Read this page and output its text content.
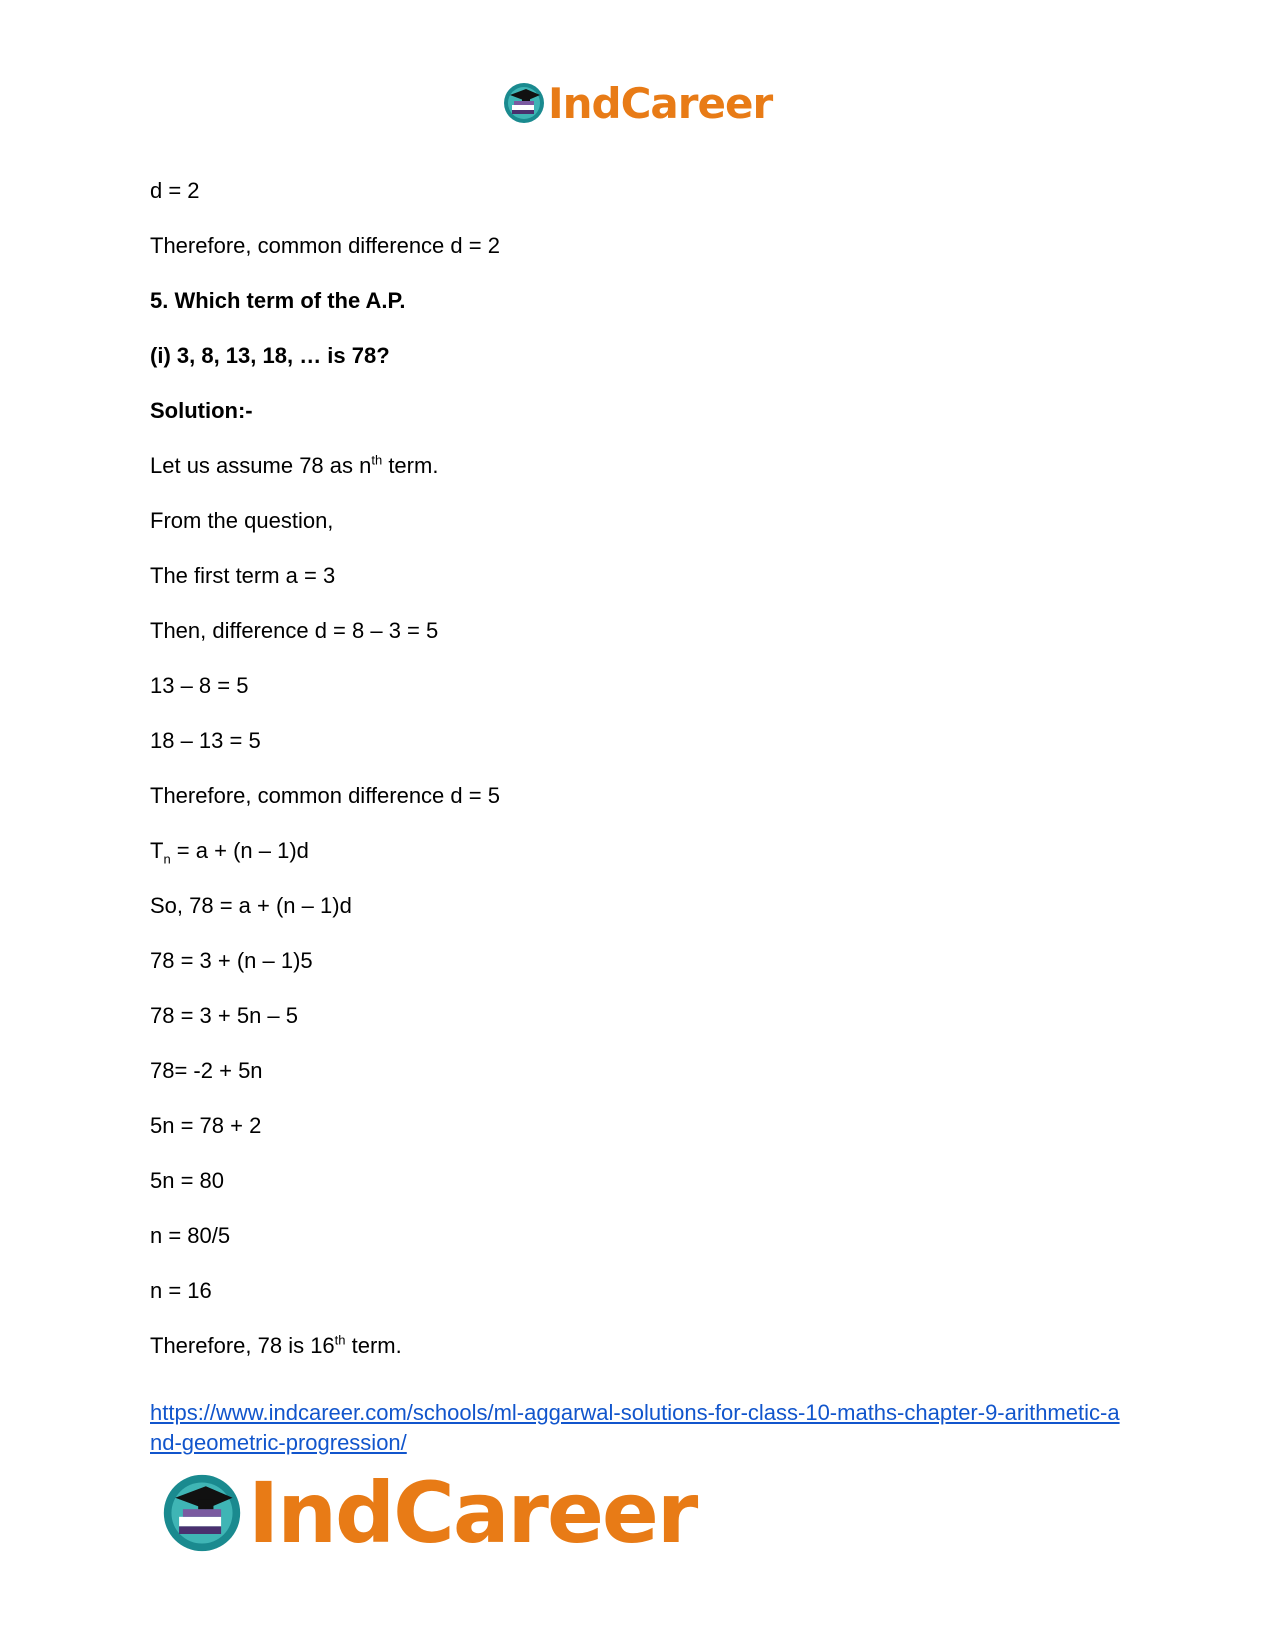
IndCareer
d = 2
Therefore, common difference d = 2
5. Which term of the A.P.
(i) 3, 8, 13, 18, … is 78?
Solution:-
Let us assume 78 as $n^{th}$ term.
From the question,
The first term a = 3
Then, difference d = 8 – 3 = 5
13 – 8 = 5
18 – 13 = 5
Therefore, common difference d = 5
$T_n = a + (n - 1)d$
So, 78 = a + (n – 1)d
78 = 3 + (n – 1)5
78 = 3 + 5n – 5
78= -2 + 5n
5n = 78 + 2
5n = 80
n = 80/5
n = 16
Therefore, 78 is 16th term.
https://www.indcareer.com/schools/ml-aggarwal-solutions-for-class-10-maths-chapter-9-arithmetic-and-geometric-progression/
IndCareer
